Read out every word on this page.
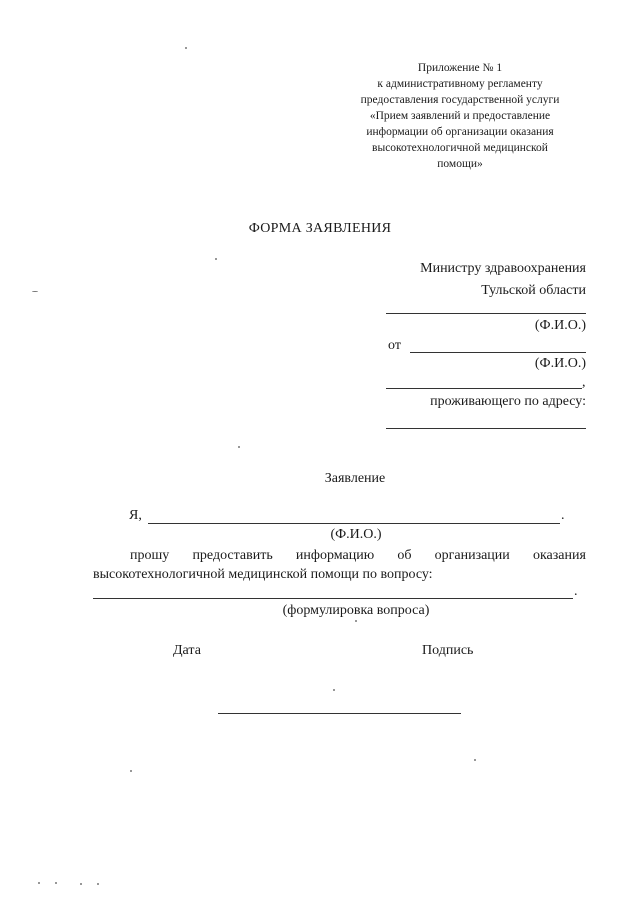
Приложение № 1
к административному регламенту
предоставления государственной услуги
«Прием заявлений и предоставление
информации об организации оказания
высокотехнологичной медицинской
помощи»
ФОРМА ЗАЯВЛЕНИЯ
Министру здравоохранения
Тульской области
(Ф.И.О.)
от
(Ф.И.О.)
,
проживающего по адресу:
Заявление
Я,	.
(Ф.И.О.)
прошу предоставить информацию об организации оказания
высокотехнологичной медицинской помощи по вопросу:
.
(формулировка вопроса)
Дата	Подпись
